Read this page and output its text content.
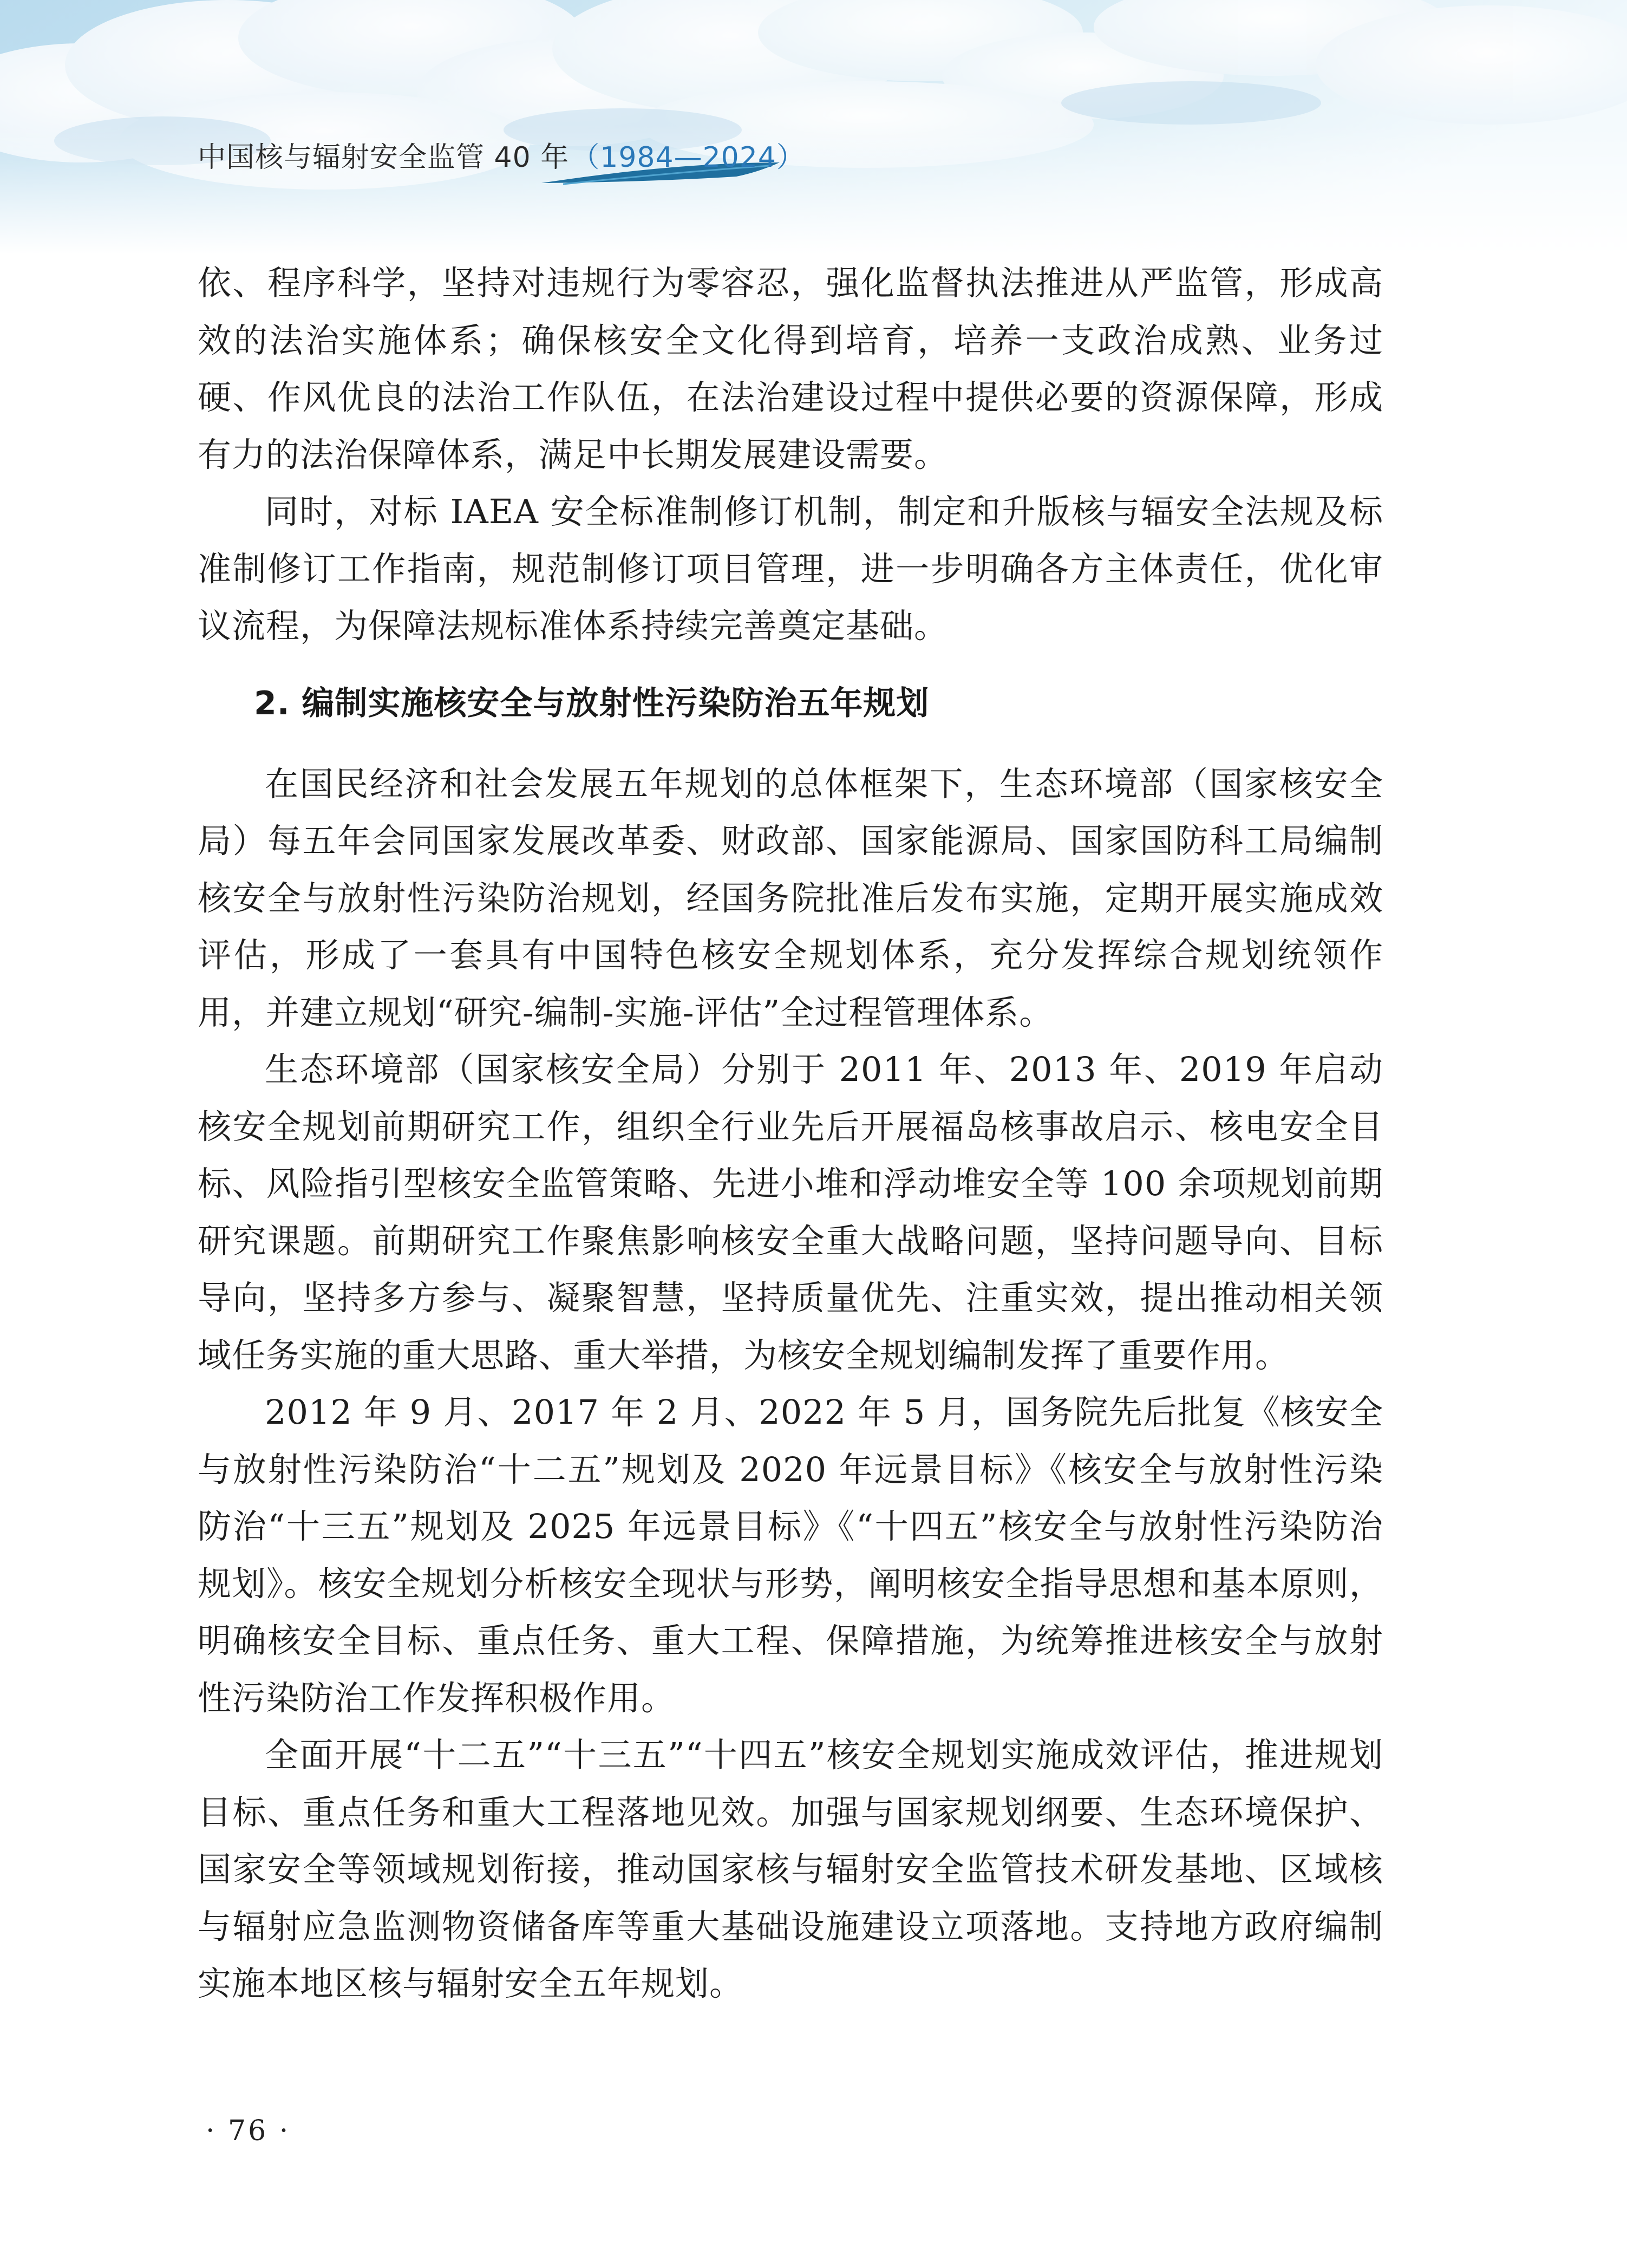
中国核与辐射安全监管 40 年（1984—2024）

依、程序科学，坚持对违规行为零容忍，强化监督执法推进从严监管，形成高效的法治实施体系；确保核安全文化得到培育，培养一支政治成熟、业务过硬、作风优良的法治工作队伍，在法治建设过程中提供必要的资源保障，形成有力的法治保障体系，满足中长期发展建设需要。

同时，对标 IAEA 安全标准制修订机制，制定和升版核与辐安全法规及标准制修订工作指南，规范制修订项目管理，进一步明确各方主体责任，优化审议流程，为保障法规标准体系持续完善奠定基础。

2. 编制实施核安全与放射性污染防治五年规划

在国民经济和社会发展五年规划的总体框架下，生态环境部（国家核安全局）每五年会同国家发展改革委、财政部、国家能源局、国家国防科工局编制核安全与放射性污染防治规划，经国务院批准后发布实施，定期开展实施成效评估，形成了一套具有中国特色核安全规划体系，充分发挥综合规划统领作用，并建立规划“研究-编制-实施-评估”全过程管理体系。

生态环境部（国家核安全局）分别于 2011 年、2013 年、2019 年启动核安全规划前期研究工作，组织全行业先后开展福岛核事故启示、核电安全目标、风险指引型核安全监管策略、先进小堆和浮动堆安全等 100 余项规划前期研究课题。前期研究工作聚焦影响核安全重大战略问题，坚持问题导向、目标导向，坚持多方参与、凝聚智慧，坚持质量优先、注重实效，提出推动相关领域任务实施的重大思路、重大举措，为核安全规划编制发挥了重要作用。

2012 年 9 月、2017 年 2 月、2022 年 5 月，国务院先后批复《核安全与放射性污染防治“十二五”规划及 2020 年远景目标》《核安全与放射性污染防治“十三五”规划及 2025 年远景目标》《“十四五”核安全与放射性污染防治规划》。核安全规划分析核安全现状与形势，阐明核安全指导思想和基本原则，明确核安全目标、重点任务、重大工程、保障措施，为统筹推进核安全与放射性污染防治工作发挥积极作用。

全面开展“十二五”“十三五”“十四五”核安全规划实施成效评估，推进规划目标、重点任务和重大工程落地见效。加强与国家规划纲要、生态环境保护、国家安全等领域规划衔接，推动国家核与辐射安全监管技术研发基地、区域核与辐射应急监测物资储备库等重大基础设施建设立项落地。支持地方政府编制实施本地区核与辐射安全五年规划。

· 76 ·
